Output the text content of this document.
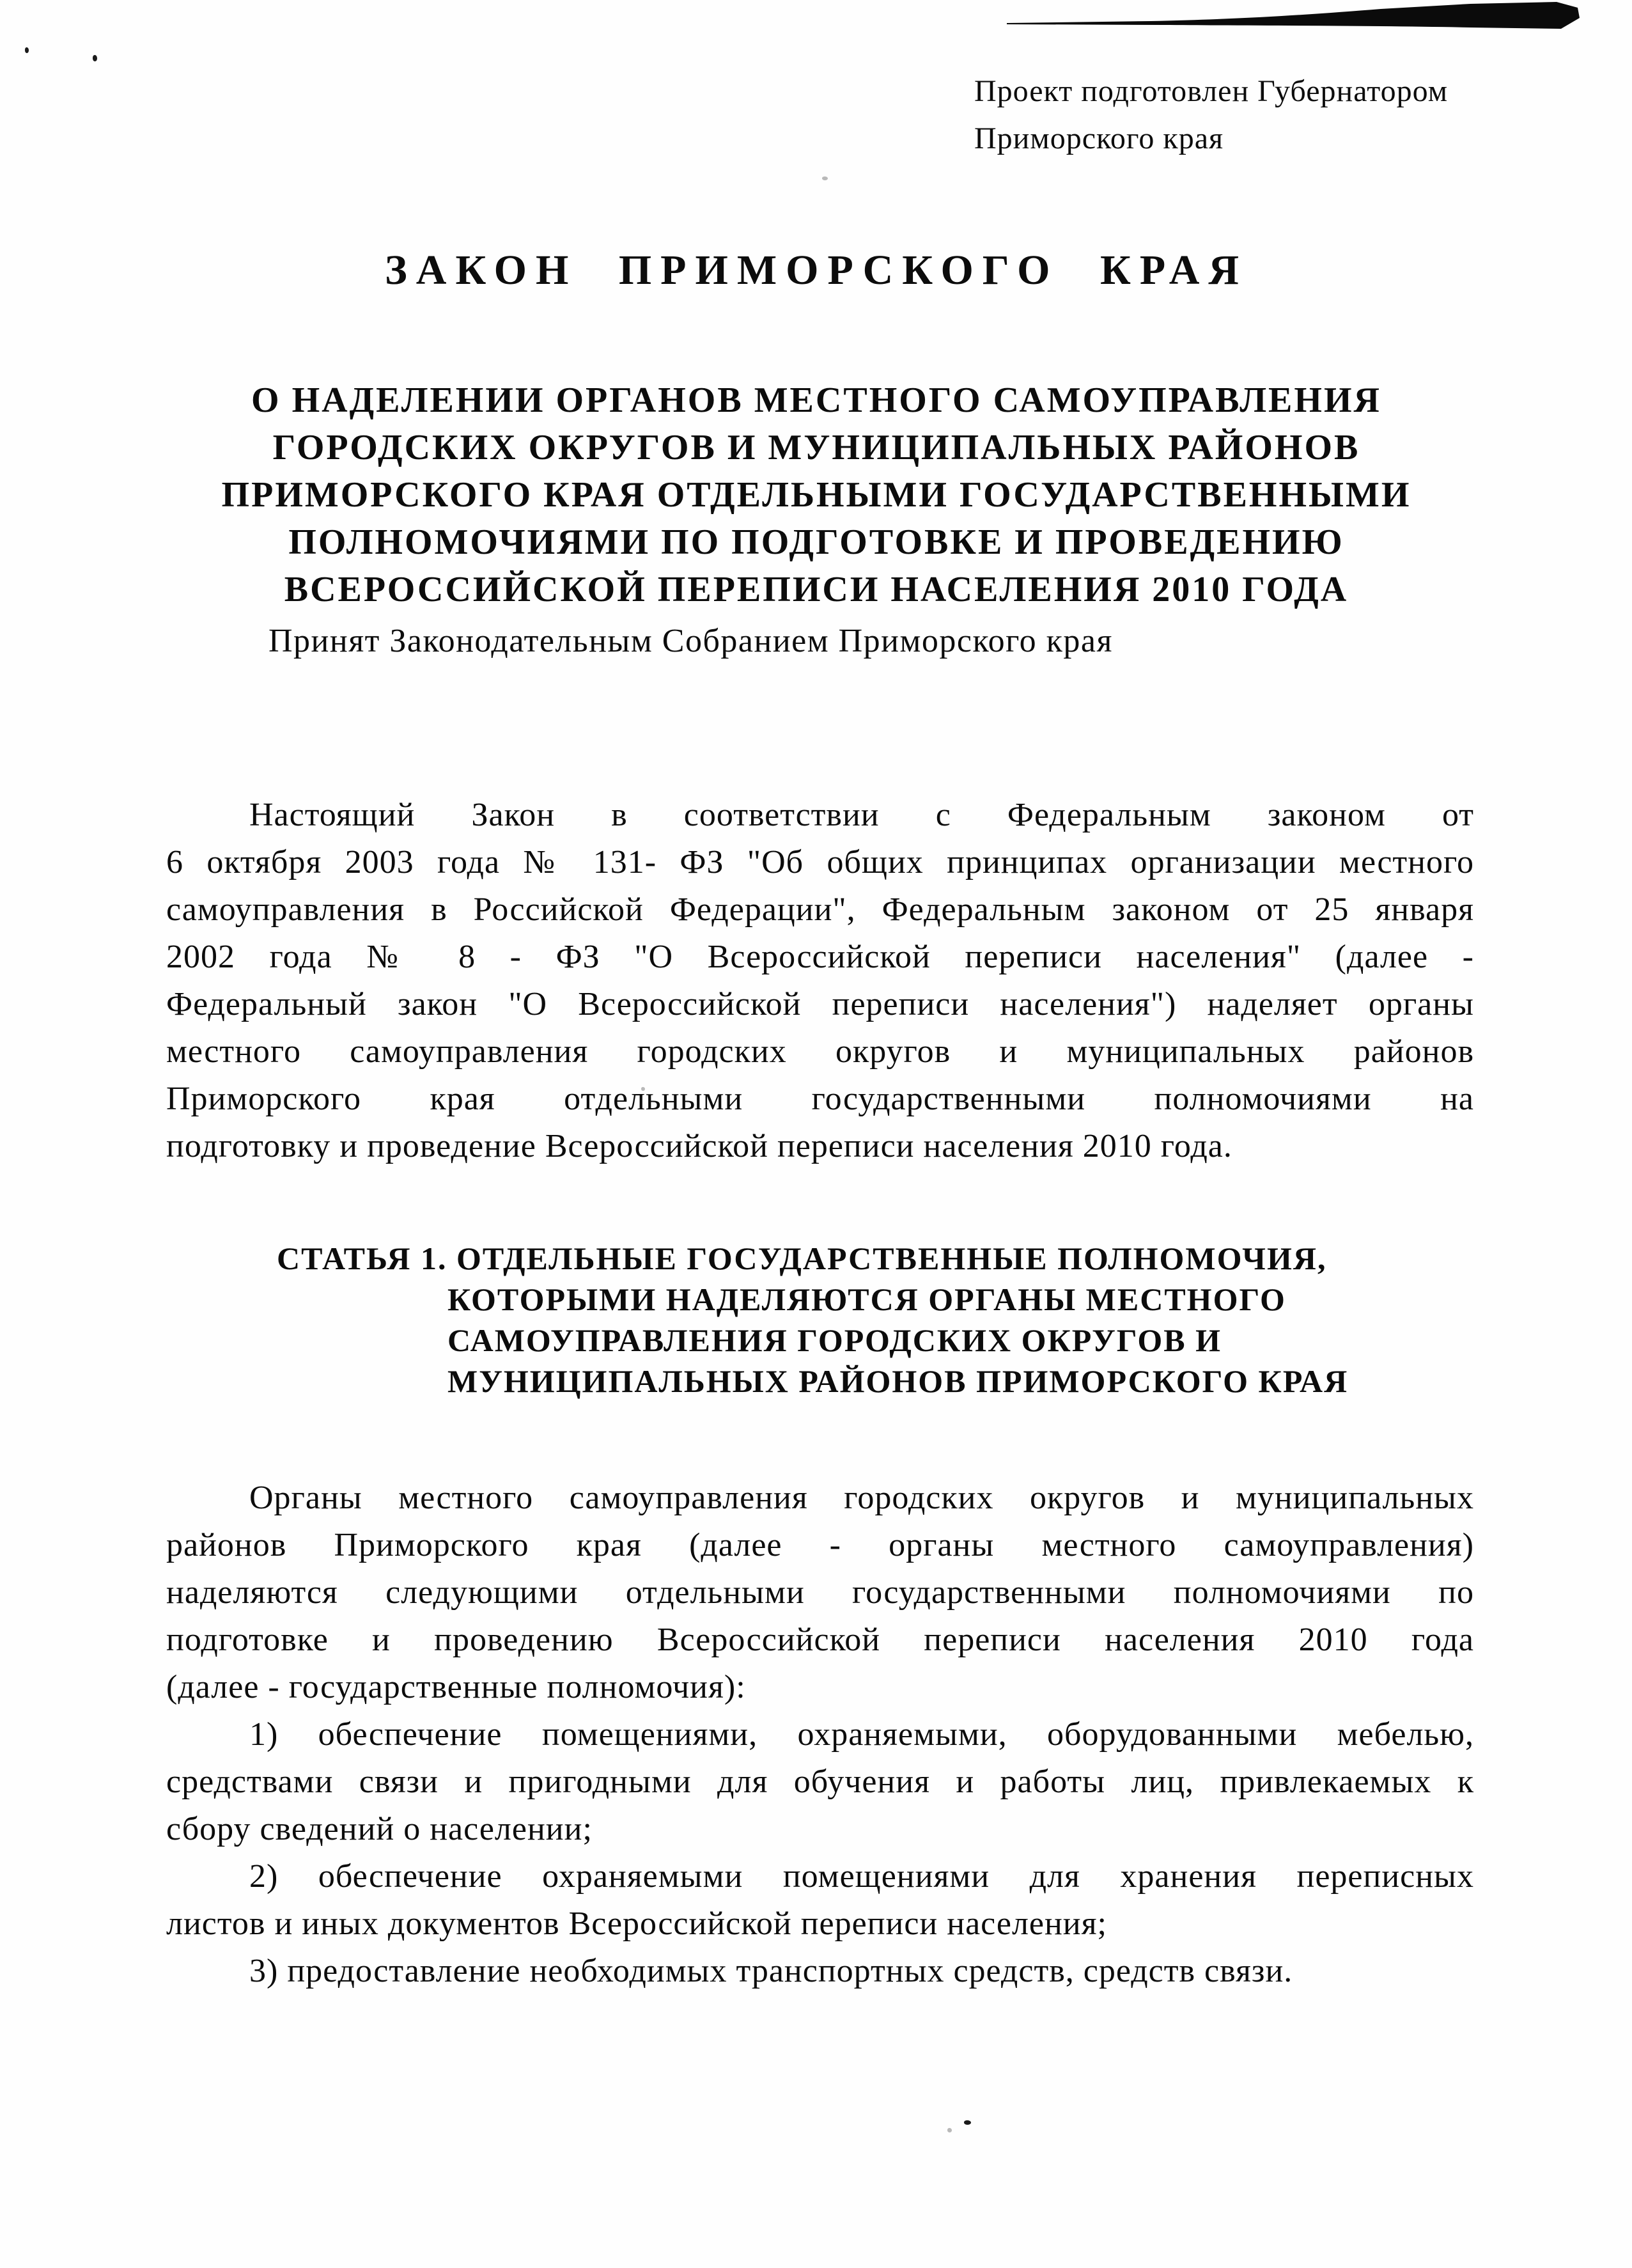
Проект подготовлен Губернатором
Приморского края
ЗАКОН ПРИМОРСКОГО КРАЯ
О НАДЕЛЕНИИ ОРГАНОВ МЕСТНОГО САМОУПРАВЛЕНИЯ
ГОРОДСКИХ ОКРУГОВ И МУНИЦИПАЛЬНЫХ РАЙОНОВ
ПРИМОРСКОГО КРАЯ ОТДЕЛЬНЫМИ ГОСУДАРСТВЕННЫМИ
ПОЛНОМОЧИЯМИ ПО ПОДГОТОВКЕ И ПРОВЕДЕНИЮ
ВСЕРОССИЙСКОЙ ПЕРЕПИСИ НАСЕЛЕНИЯ 2010 ГОДА
Принят Законодательным Собранием Приморского края
Настоящий Закон в соответствии с Федеральным законом от
6 октября 2003 года № 131- ФЗ "Об общих принципах организации местного
самоуправления в Российской Федерации", Федеральным законом от 25 января
2002 года № 8 - ФЗ "О Всероссийской переписи населения" (далее -
Федеральный закон "О Всероссийской переписи населения") наделяет органы
местного самоуправления городских округов и муниципальных районов
Приморского края отдельными государственными полномочиями на
подготовку и проведение Всероссийской переписи населения 2010 года.
СТАТЬЯ 1. ОТДЕЛЬНЫЕ ГОСУДАРСТВЕННЫЕ ПОЛНОМОЧИЯ,
КОТОРЫМИ НАДЕЛЯЮТСЯ ОРГАНЫ МЕСТНОГО
САМОУПРАВЛЕНИЯ ГОРОДСКИХ ОКРУГОВ И
МУНИЦИПАЛЬНЫХ РАЙОНОВ ПРИМОРСКОГО КРАЯ
Органы местного самоуправления городских округов и муниципальных
районов Приморского края (далее - органы местного самоуправления)
наделяются следующими отдельными государственными полномочиями по
подготовке и проведению Всероссийской переписи населения 2010 года
(далее - государственные полномочия):
1) обеспечение помещениями, охраняемыми, оборудованными мебелью,
средствами связи и пригодными для обучения и работы лиц, привлекаемых к
сбору сведений о населении;
2) обеспечение охраняемыми помещениями для хранения переписных
листов и иных документов Всероссийской переписи населения;
3) предоставление необходимых транспортных средств, средств связи.
